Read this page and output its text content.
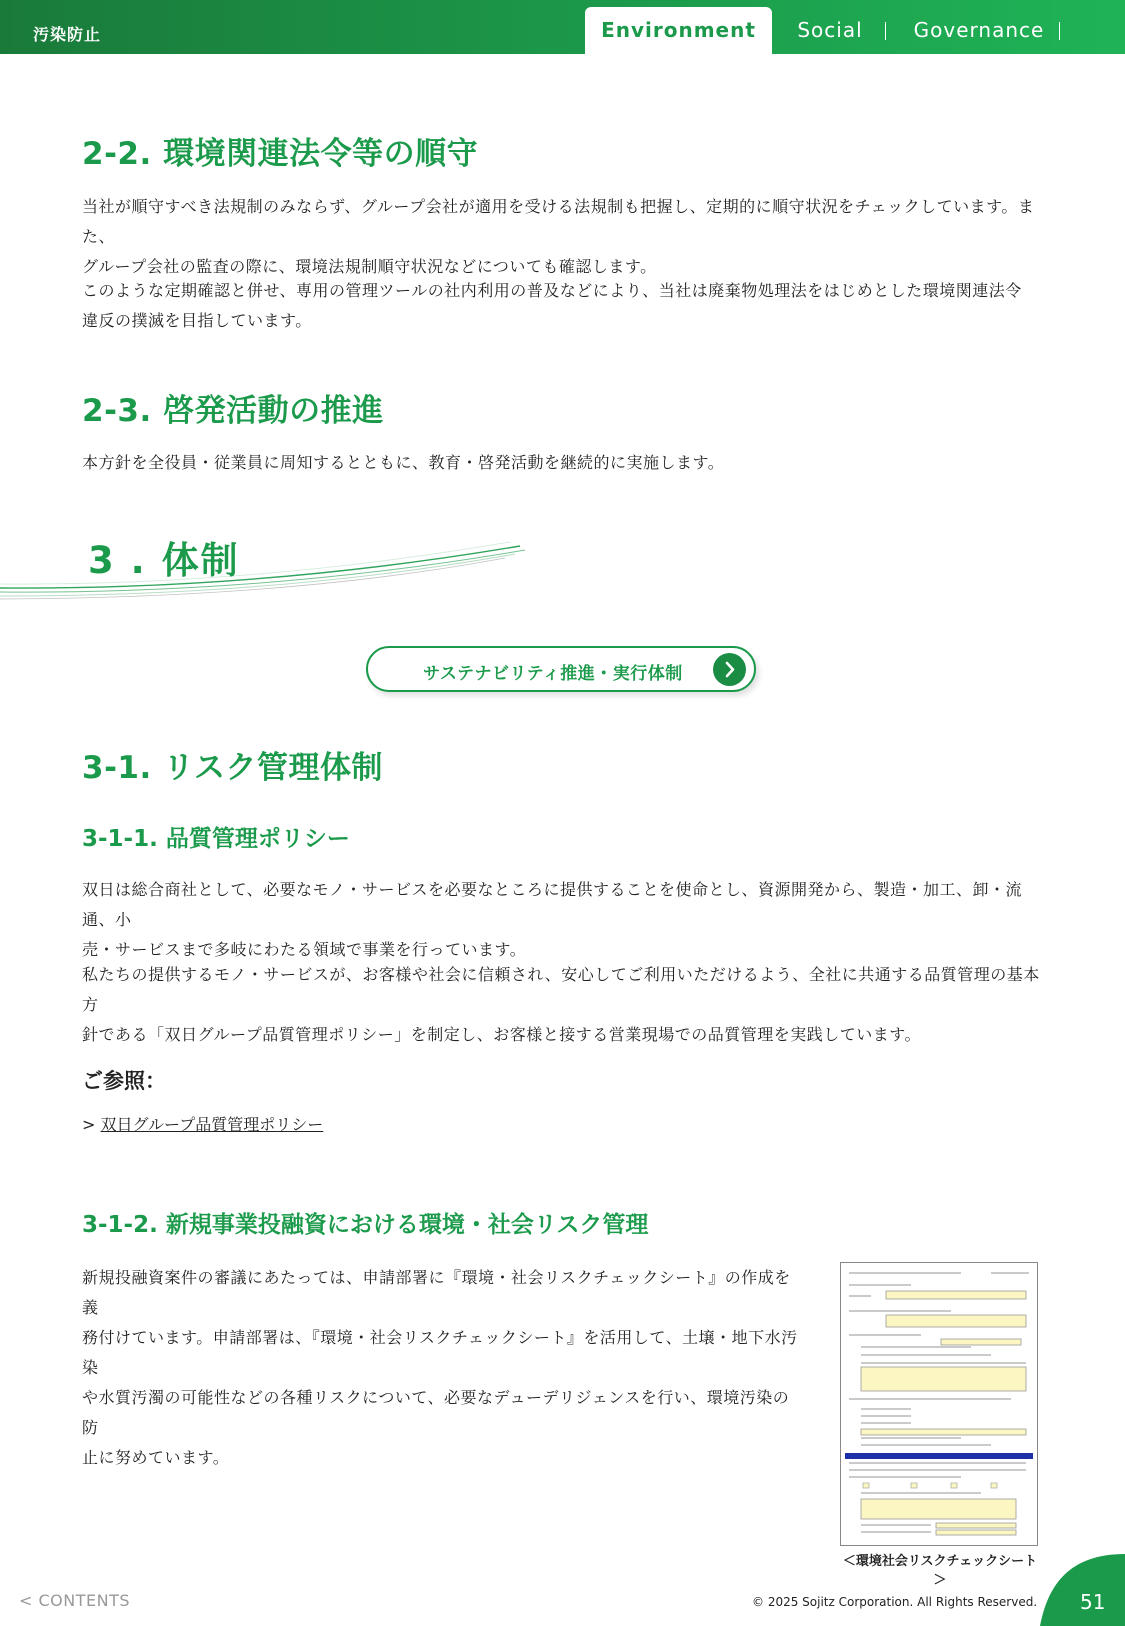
汚染防止	Environment	Social	Governance
2-2. 環境関連法令等の順守
当社が順守すべき法規制のみならず、グループ会社が適用を受ける法規制も把握し、定期的に順守状況をチェックしています。また、
グループ会社の監査の際に、環境法規制順守状況などについても確認します。
このような定期確認と併せ、専用の管理ツールの社内利用の普及などにより、当社は廃棄物処理法をはじめとした環境関連法令
違反の撲滅を目指しています。
2-3. 啓発活動の推進
本方針を全役員・従業員に周知するとともに、教育・啓発活動を継続的に実施します。
3 . 体制
サステナビリティ推進・実行体制
3-1. リスク管理体制
3-1-1. 品質管理ポリシー
双日は総合商社として、必要なモノ・サービスを必要なところに提供することを使命とし、資源開発から、製造・加工、卸・流通、小
売・サービスまで多岐にわたる領域で事業を行っています。
私たちの提供するモノ・サービスが、お客様や社会に信頼され、安心してご利用いただけるよう、全社に共通する品質管理の基本方
針である「双日グループ品質管理ポリシー」を制定し、お客様と接する営業現場での品質管理を実践しています。
ご参照：
> 双日グループ品質管理ポリシー
3-1-2. 新規事業投融資における環境・社会リスク管理
新規投融資案件の審議にあたっては、申請部署に『環境・社会リスクチェックシート』の作成を義
務付けています。申請部署は、『環境・社会リスクチェックシート』を活用して、土壌・地下水汚染
や水質汚濁の可能性などの各種リスクについて、必要なデューデリジェンスを行い、環境汚染の防
止に努めています。
＜環境社会リスクチェックシート＞
< CONTENTS	© 2025 Sojitz Corporation. All Rights Reserved. 51
